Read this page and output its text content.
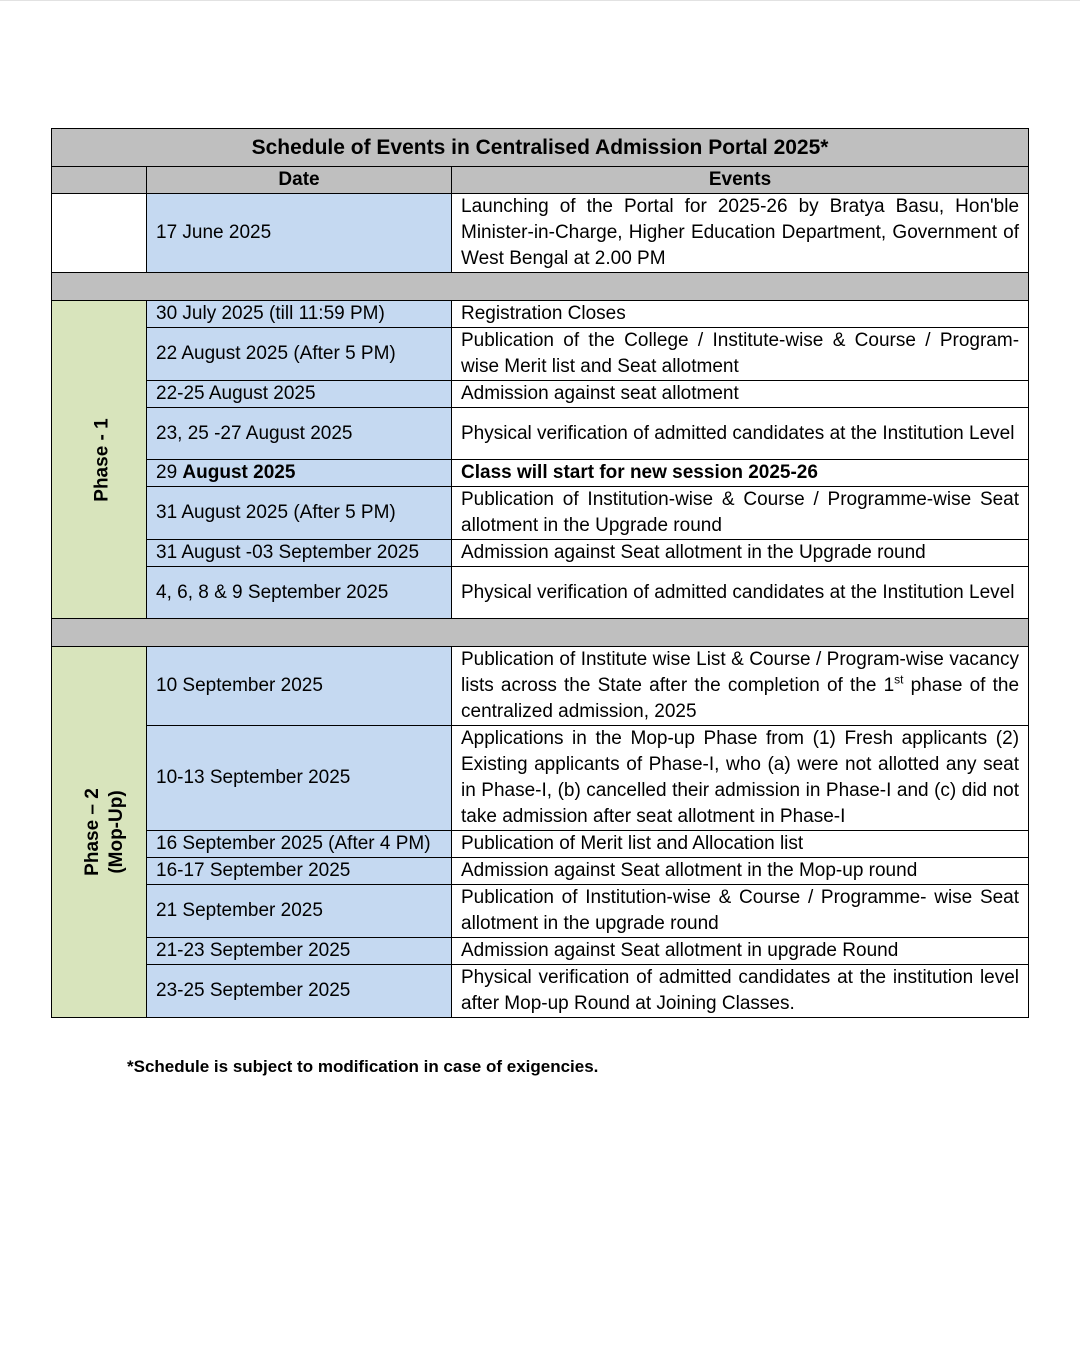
Schedule of Events in Centralised Admission Portal 2025*		
	Date	Events
	17 June 2025	Launching of the Portal for 2025-26 by Bratya Basu, Hon'ble Minister-in-Charge, Higher Education Department, Government of West Bengal at 2.00 PM

Phase - 1	30 July 2025 (till 11:59 PM)	Registration Closes
	22 August 2025 (After 5 PM)	Publication of the College / Institute-wise & Course / Program-wise Merit list and Seat allotment
	22-25 August 2025	Admission against seat allotment
	23, 25 -27 August 2025	Physical verification of admitted candidates at the Institution Level
	29 August 2025	Class will start for new session 2025-26
	31 August 2025 (After 5 PM)	Publication of Institution-wise & Course / Programme-wise Seat allotment in the Upgrade round
	31 August -03 September 2025	Admission against Seat allotment in the Upgrade round
	4, 6, 8 & 9 September 2025	Physical verification of admitted candidates at the Institution Level

Phase – 2 (Mop-Up)	10 September 2025	Publication of Institute wise List & Course / Program-wise vacancy lists across the State after the completion of the 1st phase of the centralized admission, 2025
	10-13 September 2025	Applications in the Mop-up Phase from (1) Fresh applicants (2) Existing applicants of Phase-I, who (a) were not allotted any seat in Phase-I, (b) cancelled their admission in Phase-I and (c) did not take admission after seat allotment in Phase-I
	16 September 2025 (After 4 PM)	Publication of Merit list and Allocation list
	16-17 September 2025	Admission against Seat allotment in the Mop-up round
	21 September 2025	Publication of Institution-wise & Course / Programme- wise Seat allotment in the upgrade round
	21-23 September 2025	Admission against Seat allotment in upgrade Round
	23-25 September 2025	Physical verification of admitted candidates at the institution level after Mop-up Round at Joining Classes.
*Schedule is subject to modification in case of exigencies.
